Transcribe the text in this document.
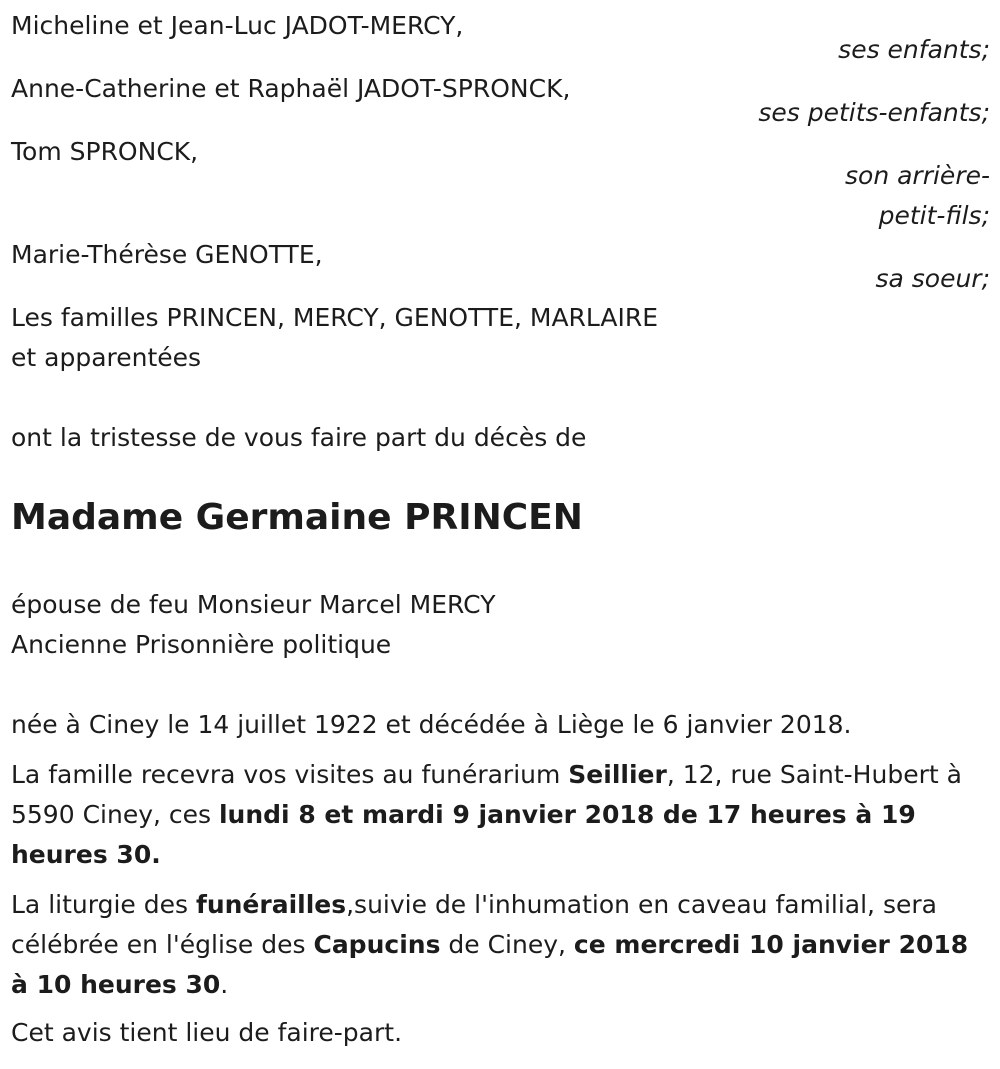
Micheline et Jean-Luc JADOT-MERCY,
ses enfants;
Anne-Catherine et Raphaël JADOT-SPRONCK,
ses petits-enfants;
Tom SPRONCK,
son arrière-
petit-fils;
Marie-Thérèse GENOTTE,
sa soeur;
Les familles PRINCEN, MERCY, GENOTTE, MARLAIRE
et apparentées
ont la tristesse de vous faire part du décès de
Madame Germaine PRINCEN
épouse de feu Monsieur Marcel MERCY
Ancienne Prisonnière politique
née à Ciney le 14 juillet 1922 et décédée à Liège le 6 janvier 2018.
La famille recevra vos visites au funérarium Seillier, 12, rue Saint-Hubert à 5590 Ciney, ces lundi 8 et mardi 9 janvier 2018 de 17 heures à 19 heures 30.
La liturgie des funérailles,suivie de l'inhumation en caveau familial, sera célébrée en l'église des Capucins de Ciney, ce mercredi 10 janvier 2018 à 10 heures 30.
Cet avis tient lieu de faire-part.
